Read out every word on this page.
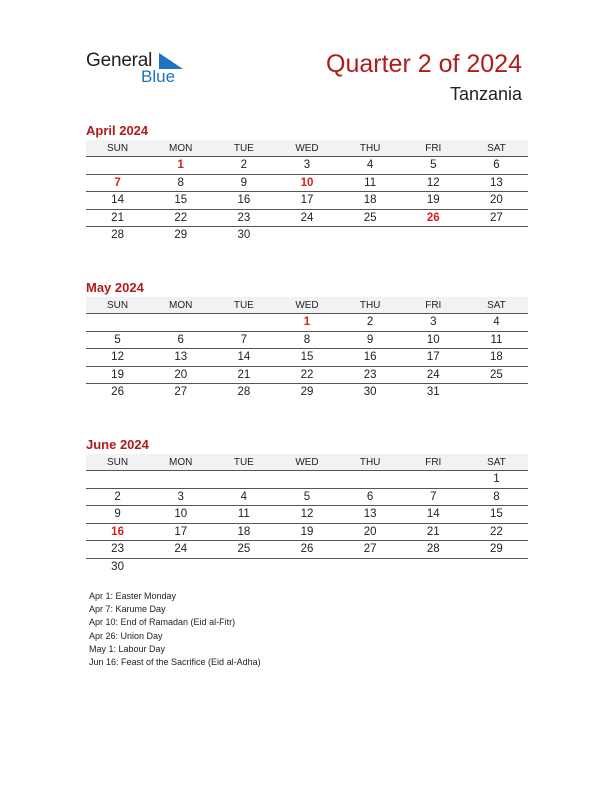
General
Blue	Quarter 2 of 2024
Tanzania
April 2024
SUN	MON	TUE	WED	THU	FRI	SAT
	1	2	3	4	5	6
7	8	9	10	11	12	13
14	15	16	17	18	19	20
21	22	23	24	25	26	27
28	29	30				
May 2024
SUN	MON	TUE	WED	THU	FRI	SAT
			1	2	3	4
5	6	7	8	9	10	11
12	13	14	15	16	17	18
19	20	21	22	23	24	25
26	27	28	29	30	31	
June 2024
SUN	MON	TUE	WED	THU	FRI	SAT
						1
2	3	4	5	6	7	8
9	10	11	12	13	14	15
16	17	18	19	20	21	22
23	24	25	26	27	28	29
30						
Apr 1: Easter Monday
Apr 7: Karume Day
Apr 10: End of Ramadan (Eid al-Fitr)
Apr 26: Union Day
May 1: Labour Day
Jun 16: Feast of the Sacrifice (Eid al-Adha)
